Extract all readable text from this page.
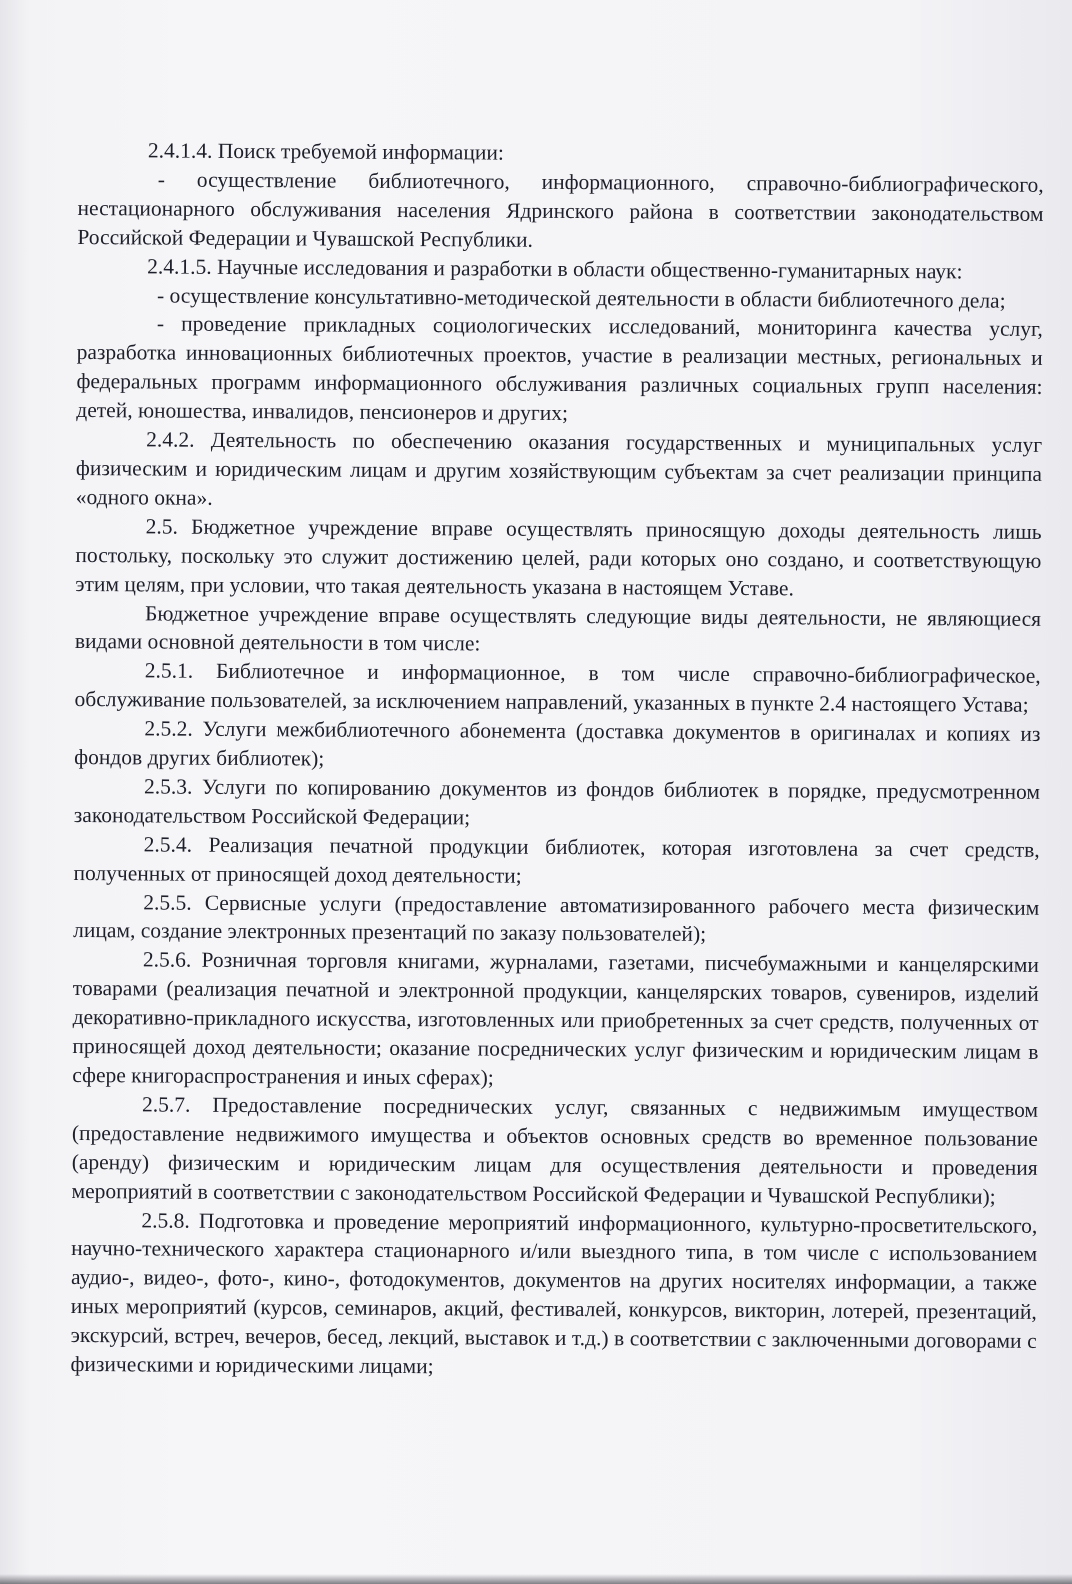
2.4.1.4. Поиск требуемой информации:

- осуществление библиотечного, информационного, справочно-библиографического, нестационарного обслуживания населения Ядринского района в соответствии законодательством Российской Федерации и Чувашской Республики.

2.4.1.5. Научные исследования и разработки в области общественно-гуманитарных наук:

- осуществление консультативно-методической деятельности в области библиотечного дела;

- проведение прикладных социологических исследований, мониторинга качества услуг, разработка инновационных библиотечных проектов, участие в реализации местных, региональных и федеральных программ информационного обслуживания различных социальных групп населения: детей, юношества, инвалидов, пенсионеров и других;

2.4.2. Деятельность по обеспечению оказания государственных и муниципальных услуг физическим и юридическим лицам и другим хозяйствующим субъектам за счет реализации принципа «одного окна».

2.5. Бюджетное учреждение вправе осуществлять приносящую доходы деятельность лишь постольку, поскольку это служит достижению целей, ради которых оно создано, и соответствующую этим целям, при условии, что такая деятельность указана в настоящем Уставе.

Бюджетное учреждение вправе осуществлять следующие виды деятельности, не являющиеся видами основной деятельности в том числе:

2.5.1. Библиотечное и информационное, в том числе справочно-библиографическое, обслуживание пользователей, за исключением направлений, указанных в пункте 2.4 настоящего Устава;

2.5.2. Услуги межбиблиотечного абонемента (доставка документов в оригиналах и копиях из фондов других библиотек);

2.5.3. Услуги по копированию документов из фондов библиотек в порядке, предусмотренном законодательством Российской Федерации;

2.5.4. Реализация печатной продукции библиотек, которая изготовлена за счет средств, полученных от приносящей доход деятельности;

2.5.5. Сервисные услуги (предоставление автоматизированного рабочего места физическим лицам, создание электронных презентаций по заказу пользователей);

2.5.6. Розничная торговля книгами, журналами, газетами, писчебумажными и канцелярскими товарами (реализация печатной и электронной продукции, канцелярских товаров, сувениров, изделий декоративно-прикладного искусства, изготовленных или приобретенных за счет средств, полученных от приносящей доход деятельности; оказание посреднических услуг физическим и юридическим лицам в сфере книгораспространения и иных сферах);

2.5.7. Предоставление посреднических услуг, связанных с недвижимым имуществом (предоставление недвижимого имущества и объектов основных средств во временное пользование (аренду) физическим и юридическим лицам для осуществления деятельности и проведения мероприятий в соответствии с законодательством Российской Федерации и Чувашской Республики);

2.5.8. Подготовка и проведение мероприятий информационного, культурно-просветительского, научно-технического характера стационарного и/или выездного типа, в том числе с использованием аудио-, видео-, фото-, кино-, фотодокументов, документов на других носителях информации, а также иных мероприятий (курсов, семинаров, акций, фестивалей, конкурсов, викторин, лотерей, презентаций, экскурсий, встреч, вечеров, бесед, лекций, выставок и т.д.) в соответствии с заключенными договорами с физическими и юридическими лицами;
